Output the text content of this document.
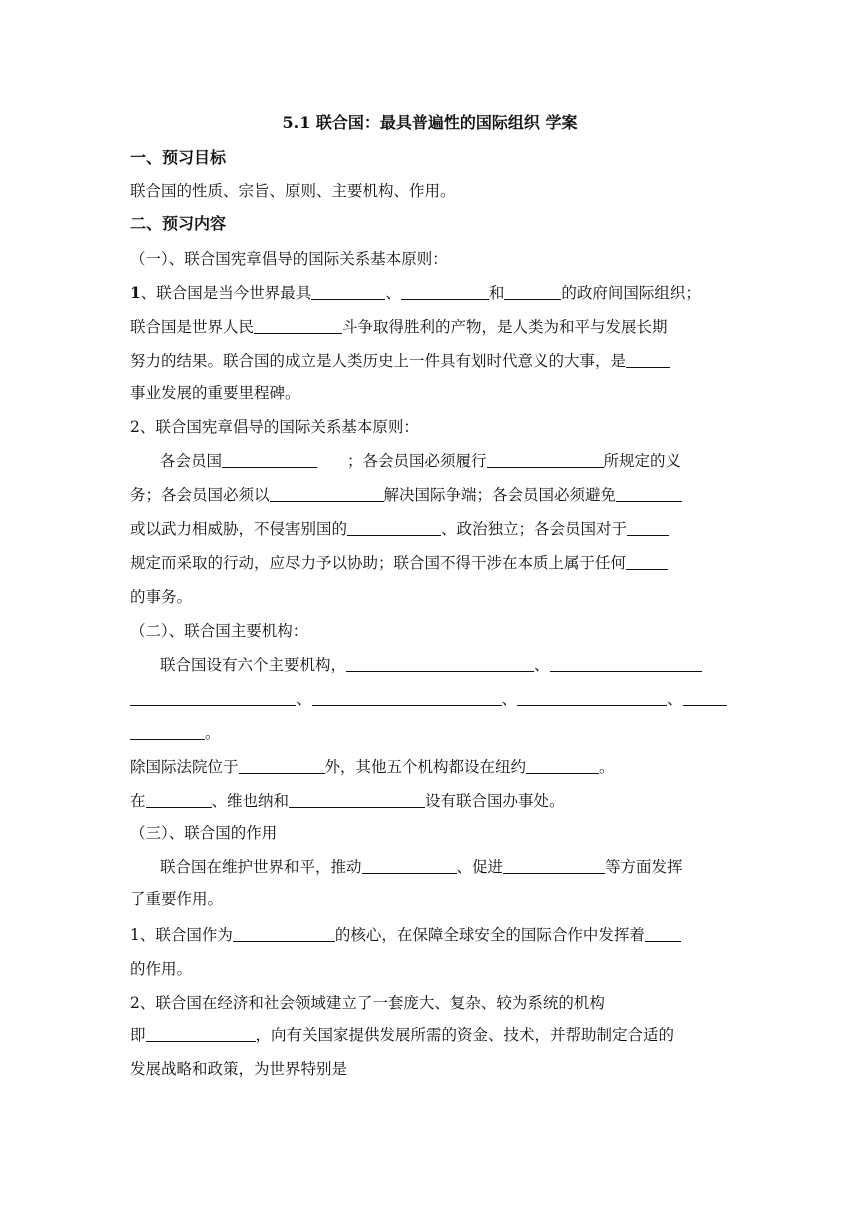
5.1 联合国：最具普遍性的国际组织 学案
一、预习目标
联合国的性质、宗旨、原则、主要机构、作用。
二、预习内容
（一）、联合国宪章倡导的国际关系基本原则：
1、联合国是当今世界最具	、	和	的政府间国际组织；
联合国是世界人民	斗争取得胜利的产物，是人类为和平与发展长期
努力的结果。联合国的成立是人类历史上一件具有划时代意义的大事，是
事业发展的重要里程碑。
2、联合国宪章倡导的国际关系基本原则：
各会员国	；各会员国必须履行	所规定的义
务；各会员国必须以	解决国际争端；各会员国必须避免
或以武力相威胁，不侵害别国的	、政治独立；各会员国对于
规定而采取的行动，应尽力予以协助；联合国不得干涉在本质上属于任何
的事务。
（二）、联合国主要机构：
联合国设有六个主要机构，	、
、	、	、
。
除国际法院位于	外，其他五个机构都设在纽约	。
在	、维也纳和	设有联合国办事处。
（三）、联合国的作用
联合国在维护世界和平，推动	、促进	等方面发挥
了重要作用。
1、联合国作为	的核心，在保障全球安全的国际合作中发挥着
的作用。
2、联合国在经济和社会领域建立了一套庞大、复杂、较为系统的机构
即	，向有关国家提供发展所需的资金、技术，并帮助制定合适的
发展战略和政策，为世界特别是
